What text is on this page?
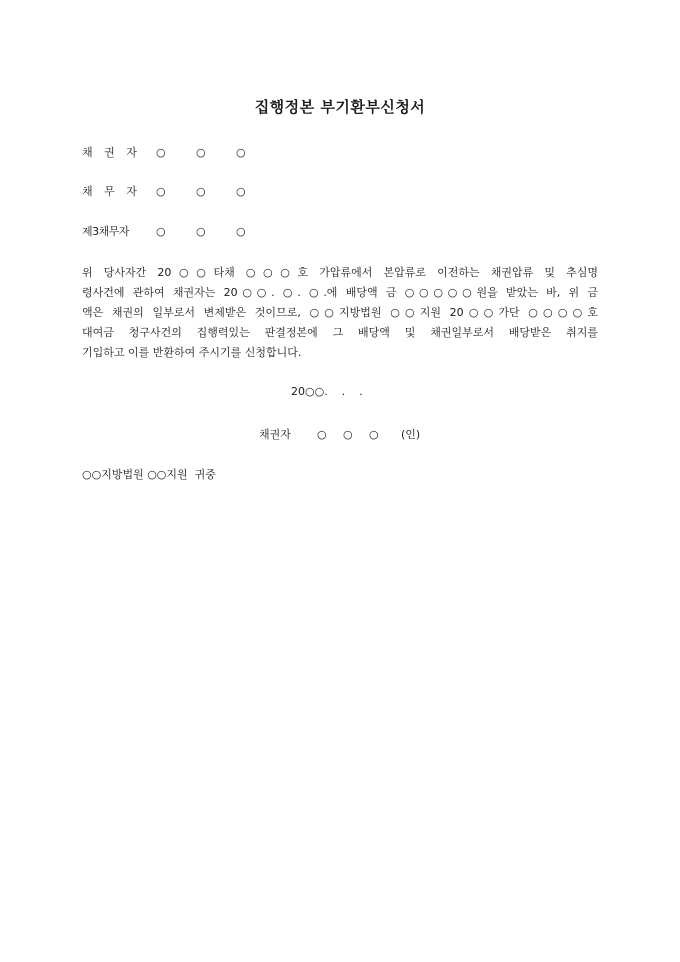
집행정본 부기환부신청서
채 권 자	○	○	○
채 무 자	○	○	○
제3채무자	○	○	○
위 당사자간 20○○타채 ○○○호 가압류에서 본압류로 이전하는 채권압류 및 추심명
령사건에 관하여 채권자는 20○○. ○. ○.에 배당액 금 ○○○○○원을 받았는 바, 위 금
액은 채권의 일부로서 변제받은 것이므로, ○○지방법원 ○○지원 20○○가단 ○○○○호
대여금 청구사건의 집행력있는 판결정본에 그 배당액 및 채권일부로서 배당받은 취지를
기입하고 이를 반환하여 주시기를 신청합니다.
20○○.    .    .
채권자	○	○	○	(인)
○○지방법원 ○○지원  귀중
